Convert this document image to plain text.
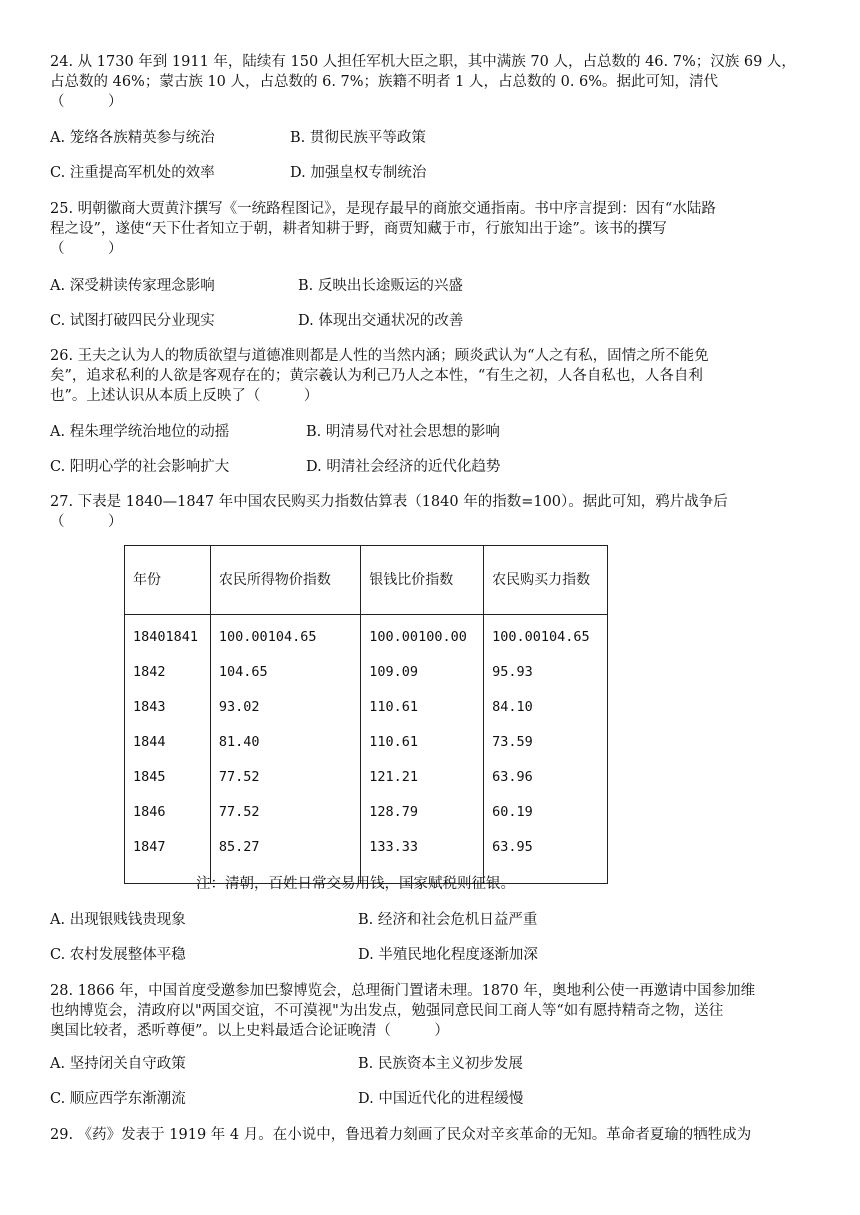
24. 从 1730 年到 1911 年，陆续有 150 人担任军机大臣之职，其中满族 70 人，占总数的 46. 7%；汉族 69 人，
占总数的 46%；蒙古族 10 人，占总数的 6. 7%；族籍不明者 1 人，占总数的 0. 6%。据此可知，清代
（　　　）
A. 笼络各族精英参与统治	B. 贯彻民族平等政策
C. 注重提高军机处的效率	D. 加强皇权专制统治
25. 明朝徽商大贾黄汴撰写《一统路程图记》，是现存最早的商旅交通指南。书中序言提到：因有“水陆路
程之设”，遂使“天下仕者知立于朝，耕者知耕于野，商贾知藏于市，行旅知出于途”。该书的撰写
（　　　）
A. 深受耕读传家理念影响	B. 反映出长途贩运的兴盛
C. 试图打破四民分业现实	D. 体现出交通状况的改善
26. 王夫之认为人的物质欲望与道德准则都是人性的当然内涵；顾炎武认为“人之有私，固情之所不能免
矣”，追求私利的人欲是客观存在的；黄宗羲认为利己乃人之本性，“有生之初，人各自私也，人各自利
也”。上述认识从本质上反映了（　　　）
A. 程朱理学统治地位的动摇	B. 明清易代对社会思想的影响
C. 阳明心学的社会影响扩大	D. 明清社会经济的近代化趋势
27. 下表是 1840—1847 年中国农民购买力指数估算表（1840 年的指数=100）。据此可知，鸦片战争后
（　　　）
年份	农民所得物价指数	银钱比价指数	农民购买力指数
18401841	100.00104.65	100.00100.00	100.00104.65
1842	104.65	109.09	95.93
1843	93.02	110.61	84.10
1844	81.40	110.61	73.59
1845	77.52	121.21	63.96
1846	77.52	128.79	60.19
1847	85.27	133.33	63.95
注：清朝，百姓日常交易用钱，国家赋税则征银。
A. 出现银贱钱贵现象	B. 经济和社会危机日益严重
C. 农村发展整体平稳	D. 半殖民地化程度逐渐加深
28. 1866 年，中国首度受邀参加巴黎博览会，总理衙门置诸未理。1870 年，奥地利公使一再邀请中国参加维
也纳博览会，清政府以"两国交谊，不可漠视"为出发点，勉强同意民间工商人等“如有愿持精奇之物，送往
奥国比较者，悉听尊便”。以上史料最适合论证晚清（　　　）
A. 坚持闭关自守政策	B. 民族资本主义初步发展
C. 顺应西学东渐潮流	D. 中国近代化的进程缓慢
29. 《药》发表于 1919 年 4 月。在小说中，鲁迅着力刻画了民众对辛亥革命的无知。革命者夏瑜的牺牲成为
